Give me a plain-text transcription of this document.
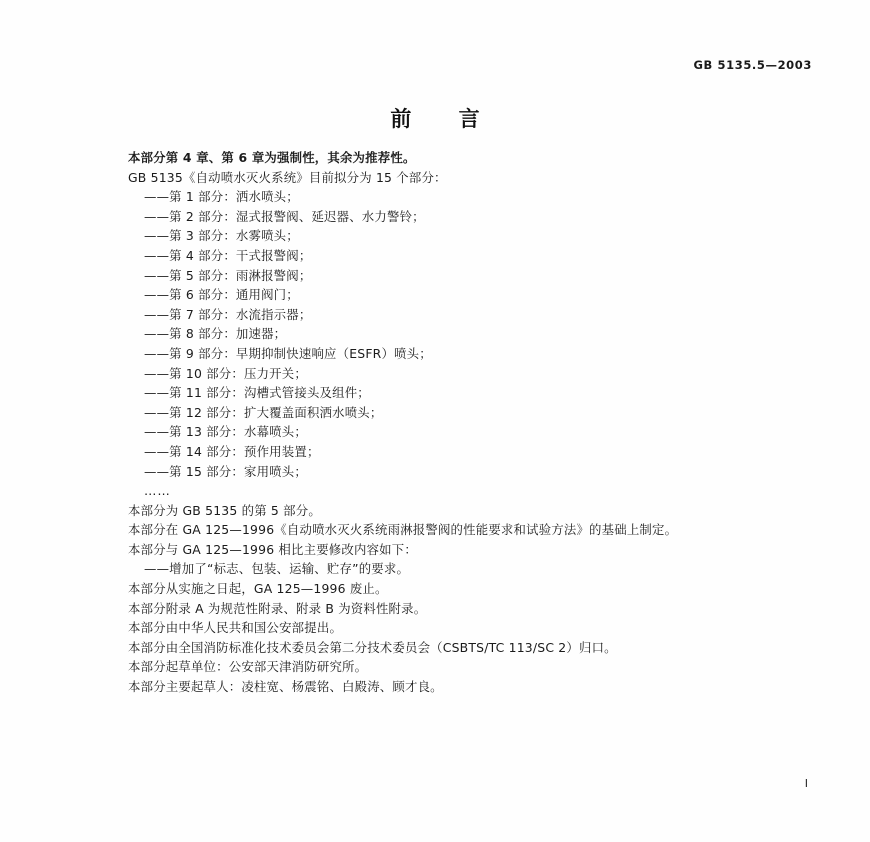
GB 5135.5—2003
前 言
本部分第 4 章、第 6 章为强制性，其余为推荐性。
GB 5135《自动喷水灭火系统》目前拟分为 15 个部分：
——第 1 部分：洒水喷头；
——第 2 部分：湿式报警阀、延迟器、水力警铃；
——第 3 部分：水雾喷头；
——第 4 部分：干式报警阀；
——第 5 部分：雨淋报警阀；
——第 6 部分：通用阀门；
——第 7 部分：水流指示器；
——第 8 部分：加速器；
——第 9 部分：早期抑制快速响应（ESFR）喷头；
——第 10 部分：压力开关；
——第 11 部分：沟槽式管接头及组件；
——第 12 部分：扩大覆盖面积洒水喷头；
——第 13 部分：水幕喷头；
——第 14 部分：预作用装置；
——第 15 部分：家用喷头；
……
本部分为 GB 5135 的第 5 部分。
本部分在 GA 125—1996《自动喷水灭火系统雨淋报警阀的性能要求和试验方法》的基础上制定。
本部分与 GA 125—1996 相比主要修改内容如下：
——增加了“标志、包装、运输、贮存”的要求。
本部分从实施之日起，GA 125—1996 废止。
本部分附录 A 为规范性附录、附录 B 为资料性附录。
本部分由中华人民共和国公安部提出。
本部分由全国消防标准化技术委员会第二分技术委员会（CSBTS/TC 113/SC 2）归口。
本部分起草单位：公安部天津消防研究所。
本部分主要起草人：凌柱宽、杨震铭、白殿涛、顾才良。
I
